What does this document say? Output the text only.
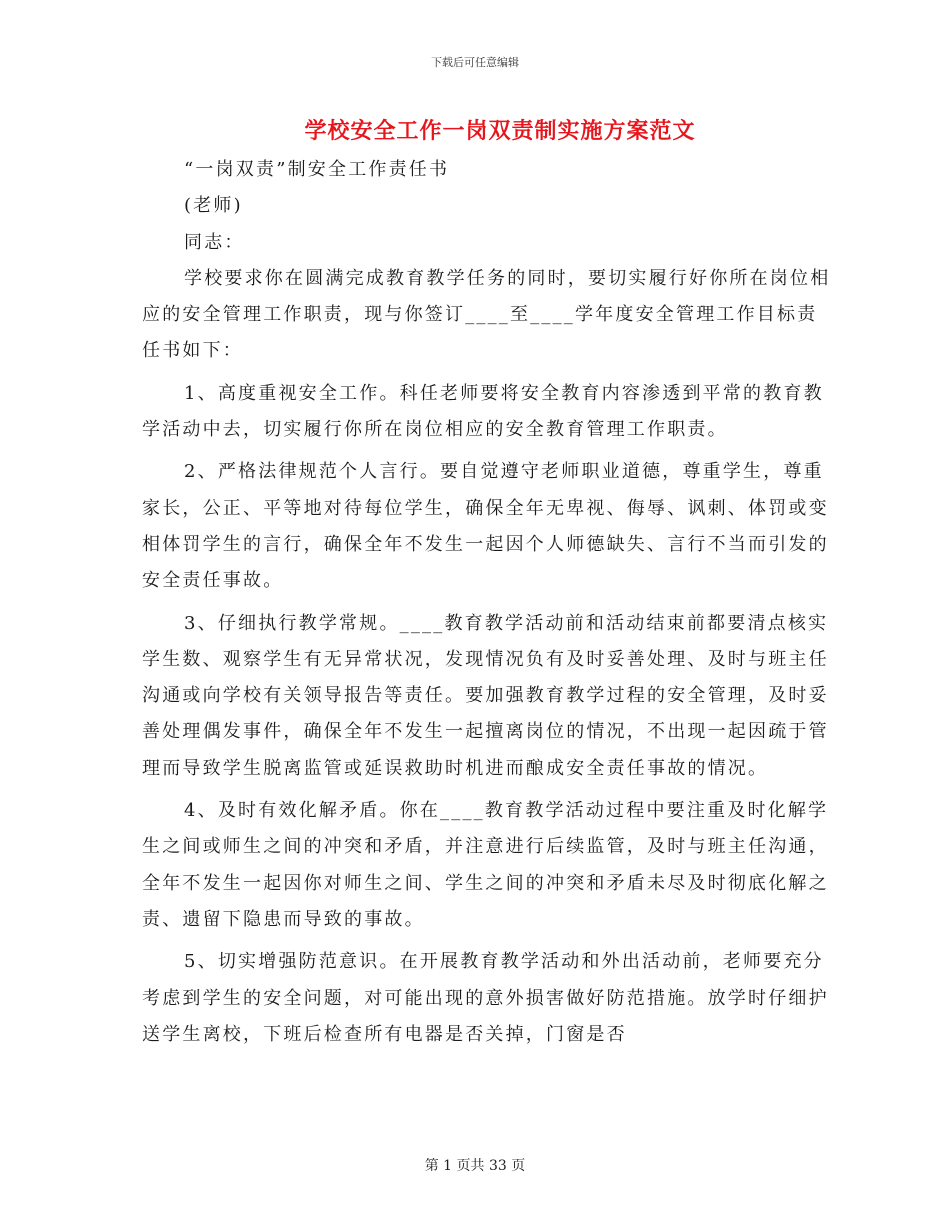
下载后可任意编辑
学校安全工作一岗双责制实施方案范文

“一岗双责”制安全工作责任书

(老师)

同志：

学校要求你在圆满完成教育教学任务的同时，要切实履行好你所在岗位相应的安全管理工作职责，现与你签订____至____学年度安全管理工作目标责任书如下：

1、高度重视安全工作。科任老师要将安全教育内容渗透到平常的教育教学活动中去，切实履行你所在岗位相应的安全教育管理工作职责。

2、严格法律规范个人言行。要自觉遵守老师职业道德，尊重学生，尊重家长，公正、平等地对待每位学生，确保全年无卑视、侮辱、讽刺、体罚或变相体罚学生的言行，确保全年不发生一起因个人师德缺失、言行不当而引发的安全责任事故。

3、仔细执行教学常规。____教育教学活动前和活动结束前都要清点核实学生数、观察学生有无异常状况，发现情况负有及时妥善处理、及时与班主任沟通或向学校有关领导报告等责任。要加强教育教学过程的安全管理，及时妥善处理偶发事件，确保全年不发生一起擅离岗位的情况，不出现一起因疏于管理而导致学生脱离监管或延误救助时机进而酿成安全责任事故的情况。

4、及时有效化解矛盾。你在____教育教学活动过程中要注重及时化解学生之间或师生之间的冲突和矛盾，并注意进行后续监管，及时与班主任沟通，全年不发生一起因你对师生之间、学生之间的冲突和矛盾未尽及时彻底化解之责、遗留下隐患而导致的事故。

5、切实增强防范意识。在开展教育教学活动和外出活动前，老师要充分考虑到学生的安全问题，对可能出现的意外损害做好防范措施。放学时仔细护送学生离校，下班后检查所有电器是否关掉，门窗是否

第 1 页共 33 页
